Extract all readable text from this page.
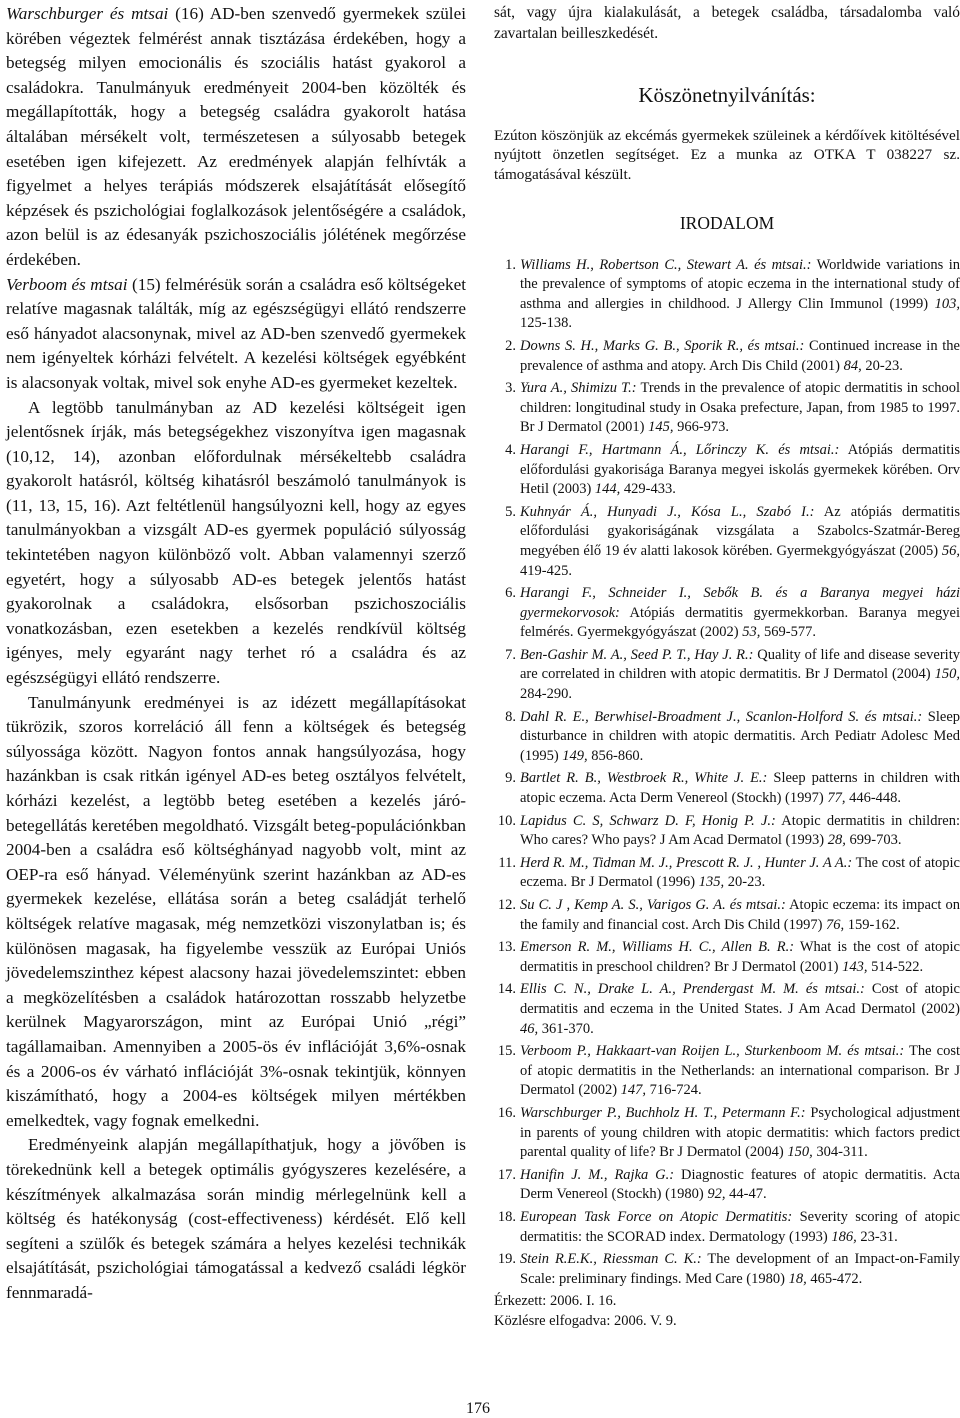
Warschburger és mtsai (16) AD-ben szenvedő gyermekek szülei körében végeztek felmérést annak tisztázása érdekében, hogy a betegség milyen emocionális és szociális hatást gyakorol a családokra. Tanulmányuk eredményeit 2004-ben közölték és megállapították, hogy a betegség családra gyakorolt hatása általában mérsékelt volt, természetesen a súlyosabb betegek esetében igen kifejezett. Az eredmények alapján felhívták a figyelmet a helyes terápiás módszerek elsajátítását elősegítő képzések és pszichológiai foglalkozások jelentőségére a családok, azon belül is az édesanyák pszichoszociális jólétének megőrzése érdekében.

Verboom és mtsai (15) felmérésük során a családra eső költségeket relatíve magasnak találták, míg az egészségügyi ellátó rendszerre eső hányadot alacsonynak, mivel az AD-ben szenvedő gyermekek nem igényeltek kórházi felvételt. A kezelési költségek egyébként is alacsonyak voltak, mivel sok enyhe AD-es gyermeket kezeltek.

A legtöbb tanulmányban az AD kezelési költségeit igen jelentősnek írják, más betegségekhez viszonyítva igen magasnak (10,12, 14), azonban előfordulnak mérsékeltebb családra gyakorolt hatásról, költség kihatásról beszámoló tanulmányok is (11, 13, 15, 16). Azt feltétlenül hangsúlyozni kell, hogy az egyes tanulmányokban a vizsgált AD-es gyermek populáció súlyosság tekintetében nagyon különböző volt. Abban valamennyi szerző egyetért, hogy a súlyosabb AD-es betegek jelentős hatást gyakorolnak a családokra, elsősorban pszichoszociális vonatkozásban, ezen esetekben a kezelés rendkívül költség igényes, mely egyaránt nagy terhet ró a családra és az egészségügyi ellátó rendszerre.

Tanulmányunk eredményei is az idézett megállapításokat tükrözik, szoros korreláció áll fenn a költségek és betegség súlyossága között. Nagyon fontos annak hangsúlyozása, hogy hazánkban is csak ritkán igényel AD-es beteg osztályos felvételt, kórházi kezelést, a legtöbb beteg esetében a kezelés járó-betegellátás keretében megoldható. Vizsgált beteg-populációnkban 2004-ben a családra eső költséghányad nagyobb volt, mint az OEP-ra eső hányad. Véleményünk szerint hazánkban az AD-es gyermekek kezelése, ellátása során a beteg családját terhelő költségek relatíve magasak, még nemzetközi viszonylatban is; és különösen magasak, ha figyelembe vesszük az Európai Uniós jövedelemszinthez képest alacsony hazai jövedelemszintet: ebben a megközelítésben a családok határozottan rosszabb helyzetbe kerülnek Magyarországon, mint az Európai Unió „régi” tagállamaiban. Amennyiben a 2005-ös év inflációját 3,6%-osnak és a 2006-os év várható inflációját 3%-osnak tekintjük, könnyen kiszámítható, hogy a 2004-es költségek milyen mértékben emelkedtek, vagy fognak emelkedni.

Eredményeink alapján megállapíthatjuk, hogy a jövőben is törekednünk kell a betegek optimális gyógyszeres kezelésére, a készítmények alkalmazása során mindig mérlegelnünk kell a költség és hatékonyság (cost-effectiveness) kérdését. Elő kell segíteni a szülők és betegek számára a helyes kezelési technikák elsajátítását, pszichológiai támogatással a kedvező családi légkör fennmaradá-

sát, vagy újra kialakulását, a betegek családba, társadalomba való zavartalan beilleszkedését.

Köszönetnyilvánítás:

Ezúton köszönjük az ekcémás gyermekek szüleinek a kérdőívek kitöltésével nyújtott önzetlen segítséget. Ez a munka az OTKA T 038227 sz. támogatásával készült.

IRODALOM
1. Williams H., Robertson C., Stewart A. és mtsai.: Worldwide variations in the prevalence of symptoms of atopic eczema in the international study of asthma and allergies in childhood. J Allergy Clin Immunol (1999) 103, 125-138.
2. Downs S. H., Marks G. B., Sporik R., és mtsai.: Continued increase in the prevalence of asthma and atopy. Arch Dis Child (2001) 84, 20-23.
3. Yura A., Shimizu T.: Trends in the prevalence of atopic dermatitis in school children: longitudinal study in Osaka prefecture, Japan, from 1985 to 1997. Br J Dermatol (2001) 145, 966-973.
4. Harangi F., Hartmann Á., Lőrinczy K. és mtsai.: Atópiás dermatitis előfordulási gyakorisága Baranya megyei iskolás gyermekek körében. Orv Hetil (2003) 144, 429-433.
5. Kuhnyár Á., Hunyadi J., Kósa L., Szabó I.: Az atópiás dermatitis előfordulási gyakoriságának vizsgálata a Szabolcs-Szatmár-Bereg megyében élő 19 év alatti lakosok körében. Gyermekgyógyászat (2005) 56, 419-425.
6. Harangi F., Schneider I., Sebők B. és a Baranya megyei házi gyermekorvosok: Atópiás dermatitis gyermekkorban. Baranya megyei felmérés. Gyermekgyógyászat (2002) 53, 569-577.
7. Ben-Gashir M. A., Seed P. T., Hay J. R.: Quality of life and disease severity are correlated in children with atopic dermatitis. Br J Dermatol (2004) 150, 284-290.
8. Dahl R. E., Berwhisel-Broadment J., Scanlon-Holford S. és mtsai.: Sleep disturbance in children with atopic dermatitis. Arch Pediatr Adolesc Med (1995) 149, 856-860.
9. Bartlet R. B., Westbroek R., White J. E.: Sleep patterns in children with atopic eczema. Acta Derm Venereol (Stockh) (1997) 77, 446-448.
10. Lapidus C. S, Schwarz D. F, Honig P. J.: Atopic dermatitis in children: Who cares? Who pays? J Am Acad Dermatol (1993) 28, 699-703.
11. Herd R. M., Tidman M. J., Prescott R. J. , Hunter J. A A.: The cost of atopic eczema. Br J Dermatol (1996) 135, 20-23.
12. Su C. J , Kemp A. S., Varigos G. A. és mtsai.: Atopic eczema: its impact on the family and financial cost. Arch Dis Child (1997) 76, 159-162.
13. Emerson R. M., Williams H. C., Allen B. R.: What is the cost of atopic dermatitis in preschool children? Br J Dermatol (2001) 143, 514-522.
14. Ellis C. N., Drake L. A., Prendergast M. M. és mtsai.: Cost of atopic dermatitis and eczema in the United States. J Am Acad Dermatol (2002) 46, 361-370.
15. Verboom P., Hakkaart-van Roijen L., Sturkenboom M. és mtsai.: The cost of atopic dermatitis in the Netherlands: an international comparison. Br J Dermatol (2002) 147, 716-724.
16. Warschburger P., Buchholz H. T., Petermann F.: Psychological adjustment in parents of young children with atopic dermatitis: which factors predict parental quality of life? Br J Dermatol (2004) 150, 304-311.
17. Hanifin J. M., Rajka G.: Diagnostic features of atopic dermatitis. Acta Derm Venereol (Stockh) (1980) 92, 44-47.
18. European Task Force on Atopic Dermatitis: Severity scoring of atopic dermatitis: the SCORAD index. Dermatology (1993) 186, 23-31.
19. Stein R.E.K., Riessman C. K.: The development of an Impact-on-Family Scale: preliminary findings. Med Care (1980) 18, 465-472.

Érkezett: 2006. I. 16.

Közlésre elfogadva: 2006. V. 9.

176
